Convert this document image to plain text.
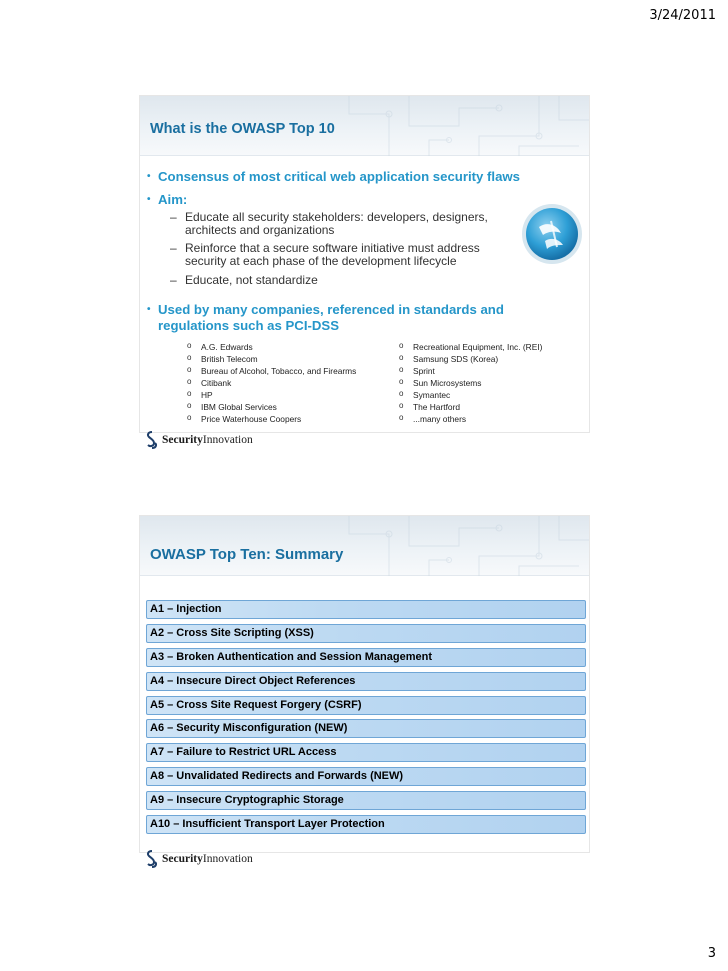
3/24/2011
What is the OWASP Top 10
• Consensus of most critical web application security flaws
• Aim:
– Educate all security stakeholders: developers, designers, architects and organizations
– Reinforce that a secure software initiative must address security at each phase of the development lifecycle
– Educate, not standardize
• Used by many companies, referenced in standards and regulations such as PCI-DSS
o A.G. Edwards
o British Telecom
o Bureau of Alcohol, Tobacco, and Firearms
o Citibank
o HP
o IBM Global Services
o Price Waterhouse Coopers
o Recreational Equipment, Inc. (REI)
o Samsung SDS (Korea)
o Sprint
o Sun Microsystems
o Symantec
o The Hartford
o ...many others
SecurityInnovation
OWASP Top Ten: Summary
A1 – Injection
A2 – Cross Site Scripting (XSS)
A3 – Broken Authentication and Session Management
A4 – Insecure Direct Object References
A5 – Cross Site Request Forgery (CSRF)
A6 – Security Misconfiguration (NEW)
A7 – Failure to Restrict URL Access
A8 – Unvalidated Redirects and Forwards (NEW)
A9 – Insecure Cryptographic Storage
A10 – Insufficient Transport Layer Protection
SecurityInnovation
3
